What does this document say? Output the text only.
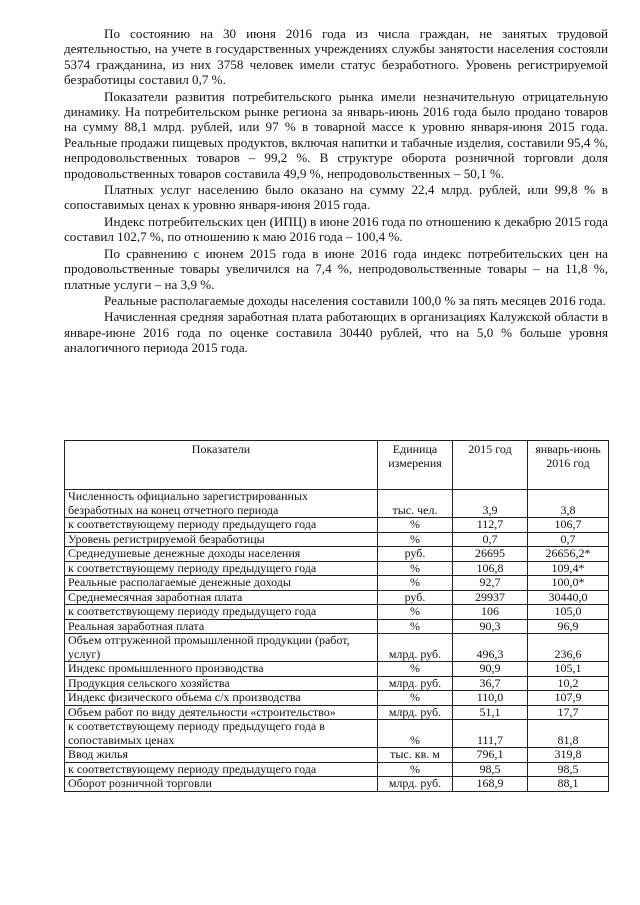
По состоянию на 30 июня 2016 года из числа граждан, не занятых трудовой деятельностью, на учете в государственных учреждениях службы занятости населения состояли 5374 гражданина, из них 3758 человек имели статус безработного. Уровень регистрируемой безработицы составил 0,7 %.

Показатели развития потребительского рынка имели незначительную отрицательную динамику. На потребительском рынке региона за январь-июнь 2016 года было продано товаров на сумму 88,1 млрд. рублей, или 97 % в товарной массе к уровню января-июня 2015 года. Реальные продажи пищевых продуктов, включая напитки и табачные изделия, составили 95,4 %, непродовольственных товаров – 99,2 %. В структуре оборота розничной торговли доля продовольственных товаров составила 49,9 %, непродовольственных – 50,1 %.

Платных услуг населению было оказано на сумму 22,4 млрд. рублей, или 99,8 % в сопоставимых ценах к уровню января-июня 2015 года.

Индекс потребительских цен (ИПЦ) в июне 2016 года по отношению к декабрю 2015 года составил 102,7 %, по отношению к маю 2016 года – 100,4 %.

По сравнению с июнем 2015 года в июне 2016 года индекс потребительских цен на продовольственные товары увеличился на 7,4 %, непродовольственные товары – на 11,8 %, платные услуги – на 3,9 %.

Реальные располагаемые доходы населения составили 100,0 % за пять месяцев 2016 года.

Начисленная средняя заработная плата работающих в организациях Калужской области в январе-июне 2016 года по оценке составила 30440 рублей, что на 5,0 % больше уровня аналогичного периода 2015 года.

Показатели	Единица измерения	2015 год	январь-июнь 2016 год
Численность официально зарегистрированных безработных на конец отчетного периода	тыс. чел.	3,9	3,8
к соответствующему периоду предыдущего года	%	112,7	106,7
Уровень регистрируемой безработицы	%	0,7	0,7
Среднедушевые денежные доходы населения	руб.	26695	26656,2*
к соответствующему периоду предыдущего года	%	106,8	109,4*
Реальные располагаемые денежные доходы	%	92,7	100,0*
Среднемесячная заработная плата	руб.	29937	30440,0
к соответствующему периоду предыдущего года	%	106	105,0
Реальная заработная плата	%	90,3	96,9
Объем отгруженной промышленной продукции (работ, услуг)	млрд. руб.	496,3	236,6
Индекс промышленного производства	%	90,9	105,1
Продукция сельского хозяйства	млрд. руб.	36,7	10,2
Индекс физического объема с/х производства	%	110,0	107,9
Объем работ по виду деятельности «строительство»	млрд. руб.	51,1	17,7
к соответствующему периоду предыдущего года в сопоставимых ценах	%	111,7	81,8
Ввод жилья	тыс. кв. м	796,1	319,8
к соответствующему периоду предыдущего года	%	98,5	98,5
Оборот розничной торговли	млрд. руб.	168,9	88,1
